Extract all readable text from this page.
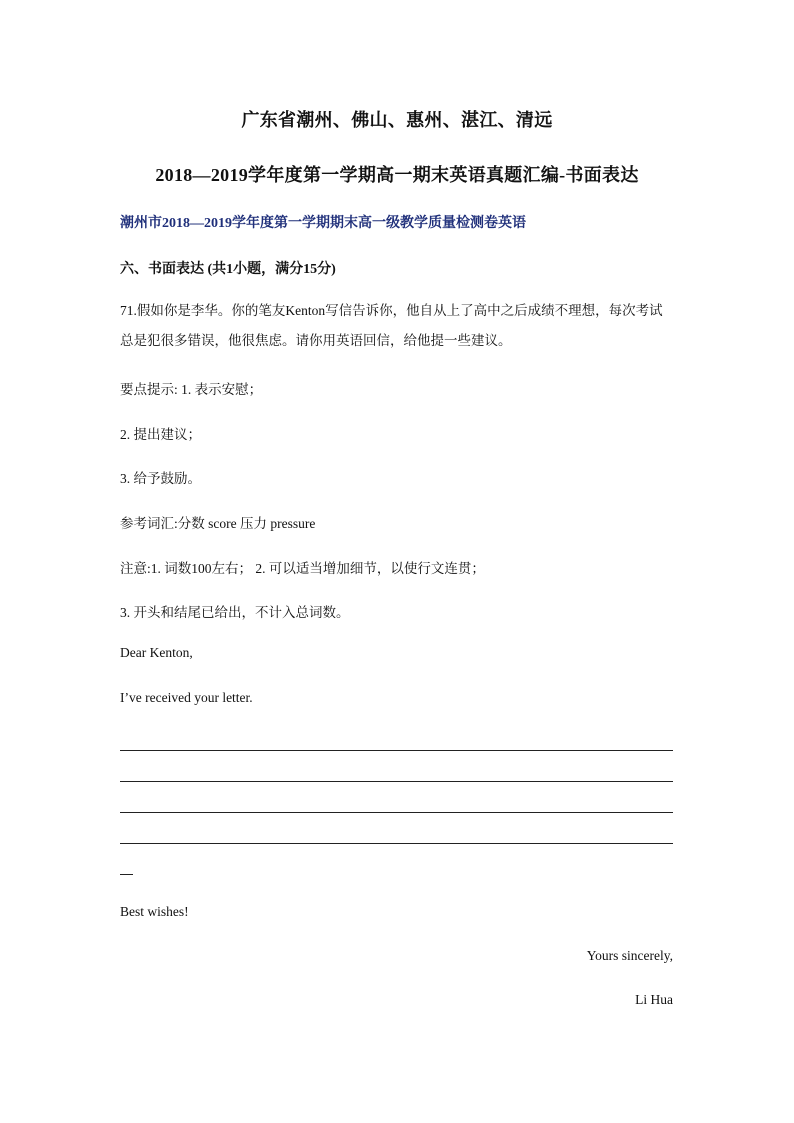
广东省潮州、佛山、惠州、湛江、清远
2018—2019学年度第一学期高一期末英语真题汇编-书面表达
潮州市2018—2019学年度第一学期期末高一级教学质量检测卷英语
六、书面表达 (共1小题，满分15分)
71.假如你是李华。你的笔友Kenton写信告诉你，他自从上了高中之后成绩不理想，每次考试总是犯很多错误，他很焦虑。请你用英语回信，给他提一些建议。
要点提示: 1. 表示安慰；
2. 提出建议；
3. 给予鼓励。
参考词汇:分数 score 压力 pressure
注意:1. 词数100左右； 2. 可以适当增加细节，以使行文连贯；
3. 开头和结尾已给出，不计入总词数。
Dear Kenton,
I’ve received your letter.
Best wishes!
Yours sincerely,
Li Hua
